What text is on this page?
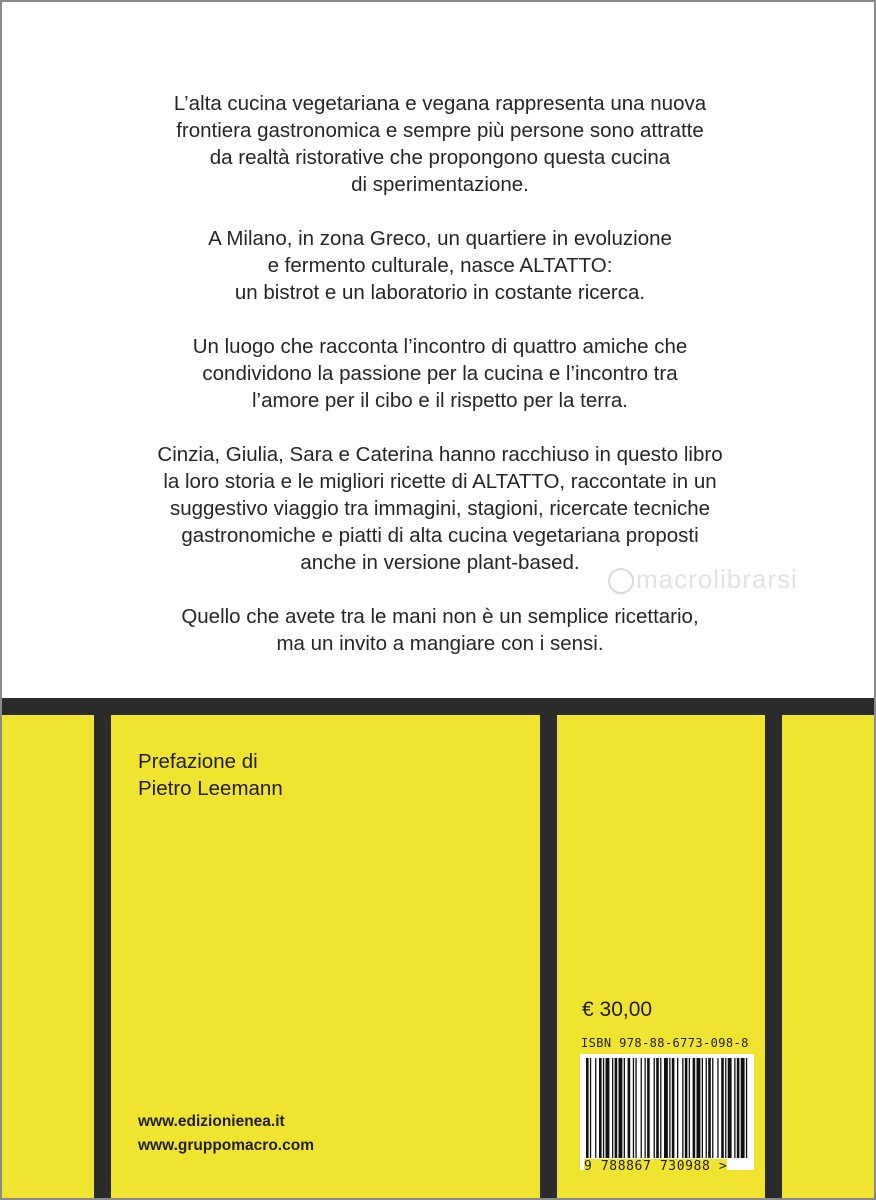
L’alta cucina vegetariana e vegana rappresenta una nuova
frontiera gastronomica e sempre più persone sono attratte
da realtà ristorative che propongono questa cucina
di sperimentazione.

A Milano, in zona Greco, un quartiere in evoluzione
e fermento culturale, nasce ALTATTO:
un bistrot e un laboratorio in costante ricerca.

Un luogo che racconta l’incontro di quattro amiche che
condividono la passione per la cucina e l’incontro tra
l’amore per il cibo e il rispetto per la terra.

Cinzia, Giulia, Sara e Caterina hanno racchiuso in questo libro
la loro storia e le migliori ricette di ALTATTO, raccontate in un
suggestivo viaggio tra immagini, stagioni, ricercate tecniche
gastronomiche e piatti di alta cucina vegetariana proposti
anche in versione plant-based.

Quello che avete tra le mani non è un semplice ricettario,
ma un invito a mangiare con i sensi.

macrolibrarsi
Prefazione di
Pietro Leemann
www.edizionienea.it
www.gruppomacro.com
€ 30,00
ISBN 978-88-6773-098-8
9 788867 730988 >
